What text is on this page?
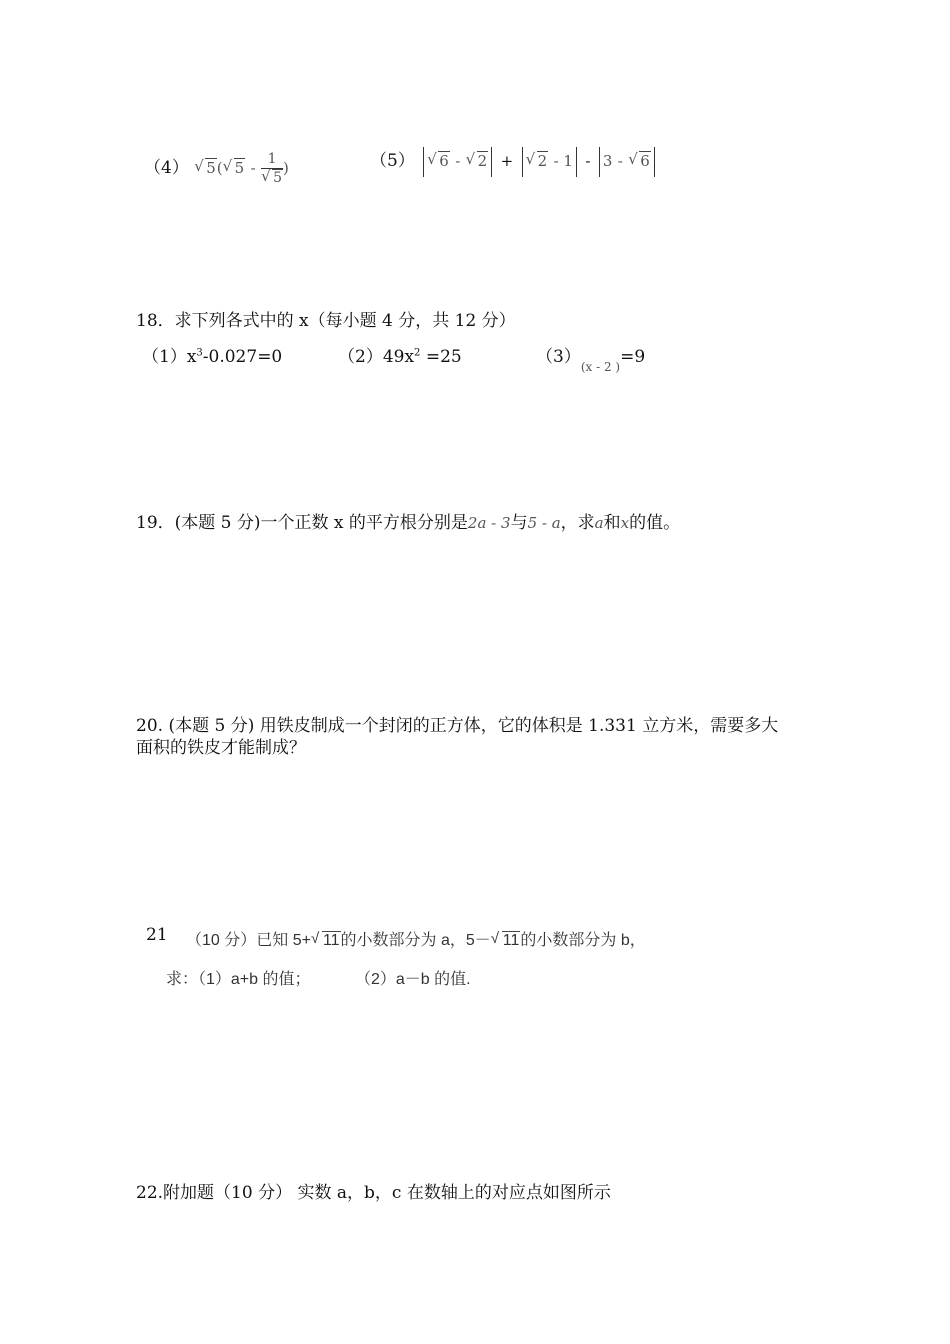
（4） √ 5( √ 5 - 1
√ 5 )	（5） √ 6 - √ 2 + √ 2 - 1 - 3 - √ 6
18．求下列各式中的 x（每小题 4 分，共 12 分）
$(1)x^3-0.027=0$	$(2)49x^2 =25$	$(3)_{(x - 2 )}=9$
19．(本题 5 分)一个正数 x 的平方根分别是2a - 3与5 - a，求a和x的值。
20. (本题 5 分) 用铁皮制成一个封闭的正方体，它的体积是 1.331 立方米，需要多大
面积的铁皮才能制成？
21 （10 分）已知 5+ √ 11的小数部分为 a，5－ √ 11的小数部分为 b，
求：（1）a+b 的值；          （2）a－b 的值.
22.附加题（10 分） 实数 a，b，c 在数轴上的对应点如图所示
